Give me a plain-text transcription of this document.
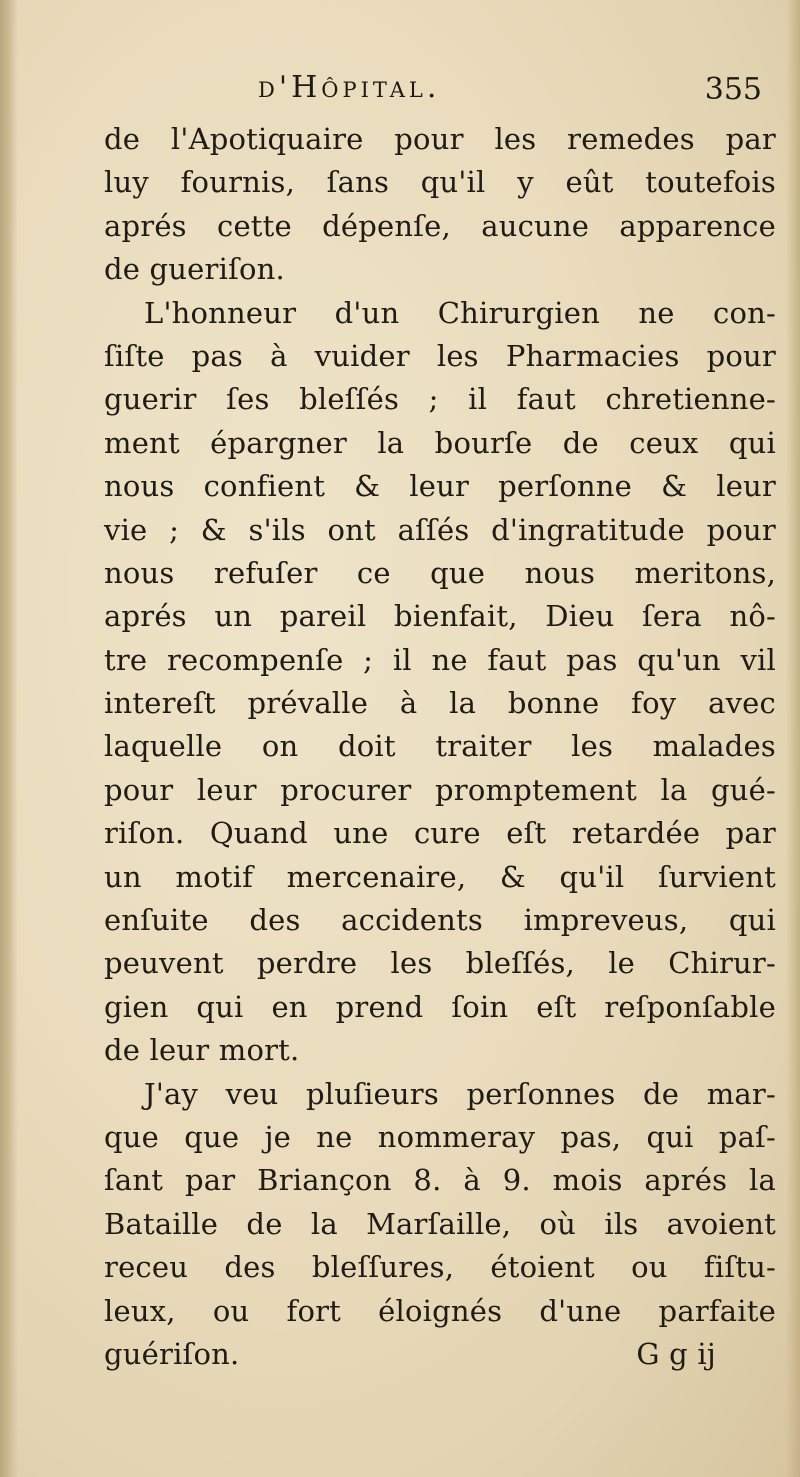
d'Hôpital.	355
de l'Apotiquaire pour les remedes par
luy fournis, ſans qu'il y eût toutefois
aprés cette dépenſe, aucune apparence
de gueriſon.
L'honneur d'un Chirurgien ne con-
ſiſte pas à vuider les Pharmacies pour
guerir ſes bleſſés ; il faut chretienne-
ment épargner la bourſe de ceux qui
nous confient & leur perſonne & leur
vie ; & s'ils ont aſſés d'ingratitude pour
nous refuſer ce que nous meritons,
aprés un pareil bienfait, Dieu ſera nô-
tre recompenſe ; il ne faut pas qu'un vil
intereſt prévalle à la bonne foy avec
laquelle on doit traiter les malades
pour leur procurer promptement la gué-
riſon. Quand une cure eſt retardée par
un motif mercenaire, & qu'il ſurvient
enſuite des accidents impreveus, qui
peuvent perdre les bleſſés, le Chirur-
gien qui en prend ſoin eſt reſponſable
de leur mort.
J'ay veu pluſieurs perſonnes de mar-
que que je ne nommeray pas, qui paſ-
ſant par Briançon 8. à 9. mois aprés la
Bataille de la Marſaille, où ils avoient
receu des bleſſures, étoient ou fiſtu-
leux, ou fort éloignés d'une parfaite
guériſon.	G g ij
